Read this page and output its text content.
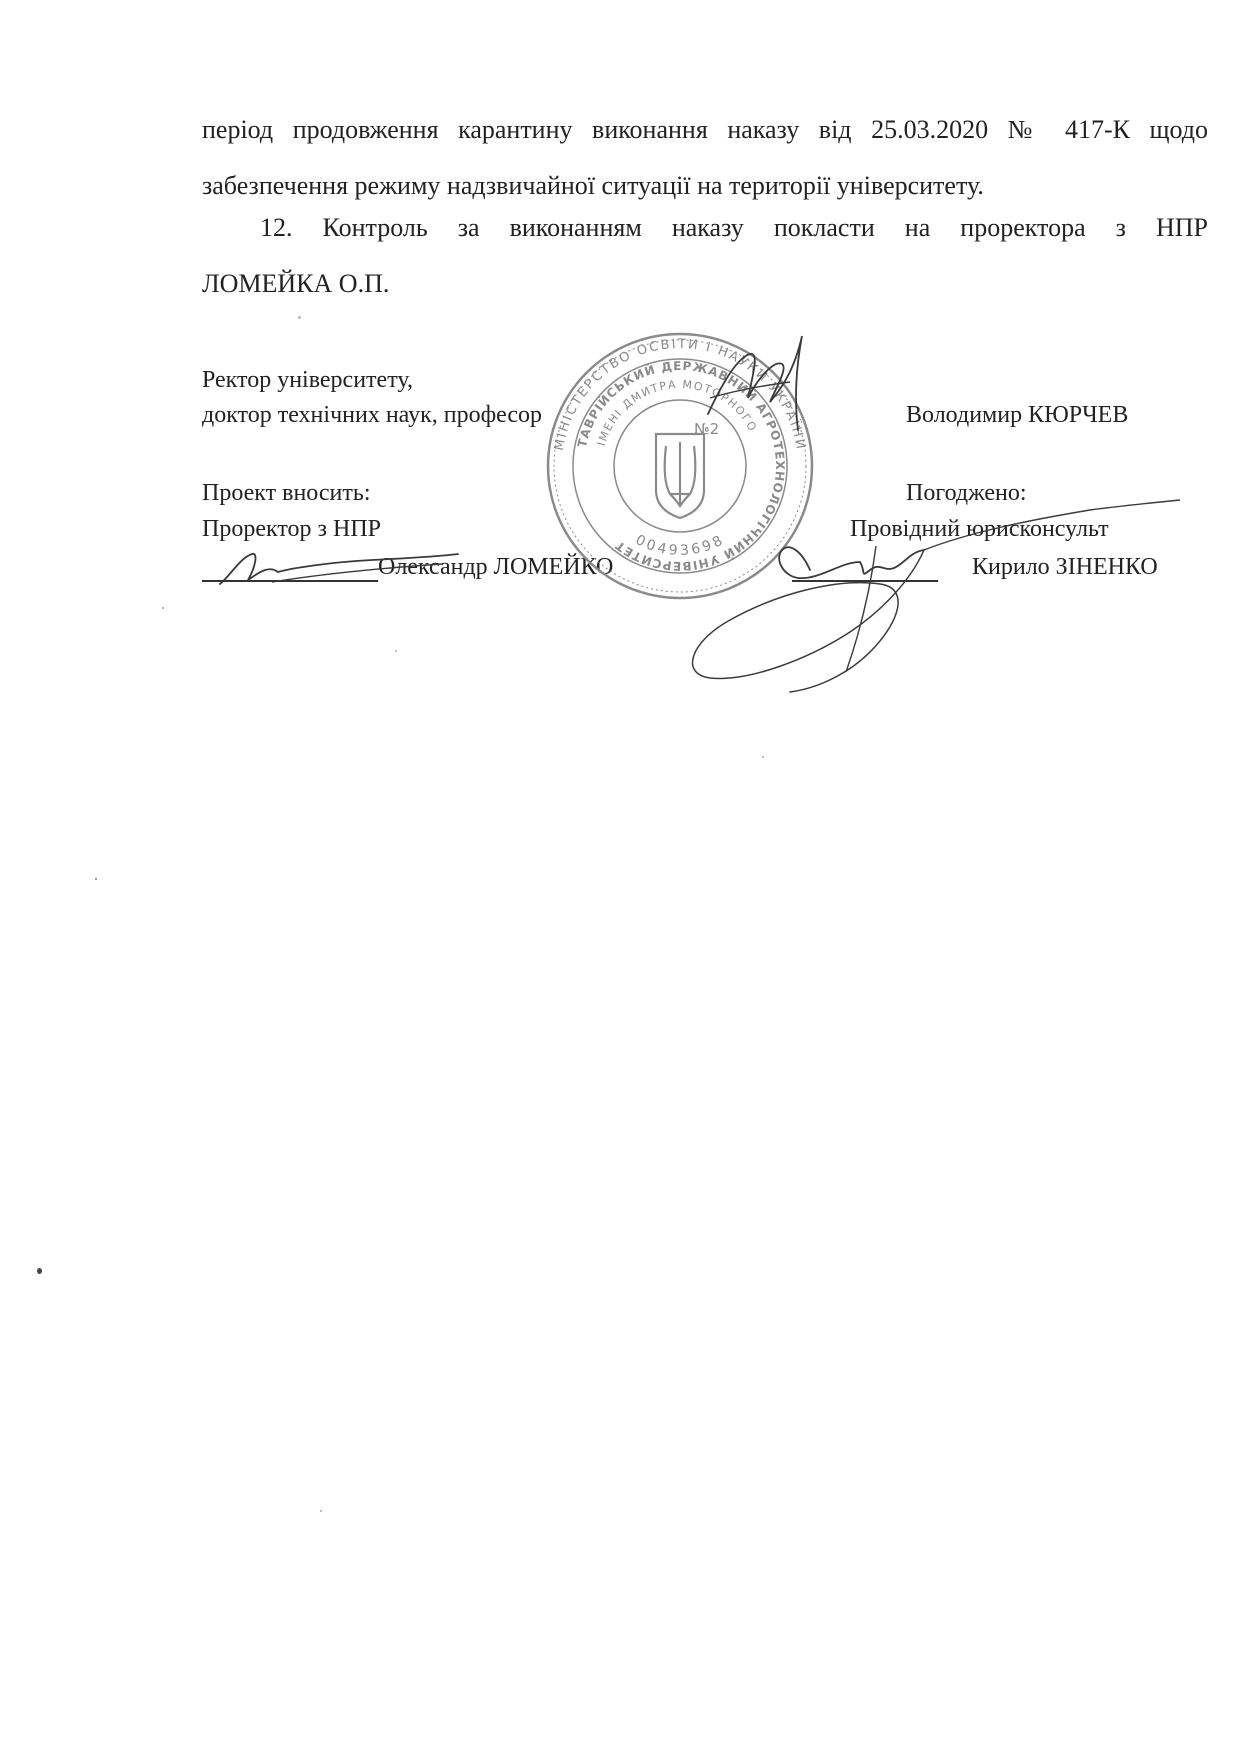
період продовження карантину виконання наказу від 25.03.2020 № 417-К щодо
забезпечення режиму надзвичайної ситуації на території університету.

12. Контроль за виконанням наказу покласти на проректора з НПР
ЛОМЕЙКА О.П.

Ректор університету,

доктор технічних наук, професор	Володимир КЮРЧЕВ

Проект вносить:	Погоджено:

Проректор з НПР	Провідний юрисконсульт

Олександр ЛОМЕЙКО	Кирило ЗІНЕНКО

МІНІСТЕРСТВО ОСВІТИ І НАУКИ УКРАЇНИ
ТАВРІЙСЬКИЙ ДЕРЖАВНИЙ АГРОТЕХНОЛОГІЧНИЙ УНІВЕРСИТЕТ
ІМЕНІ ДМИТРА МОТОРНОГО
00493698
№2
